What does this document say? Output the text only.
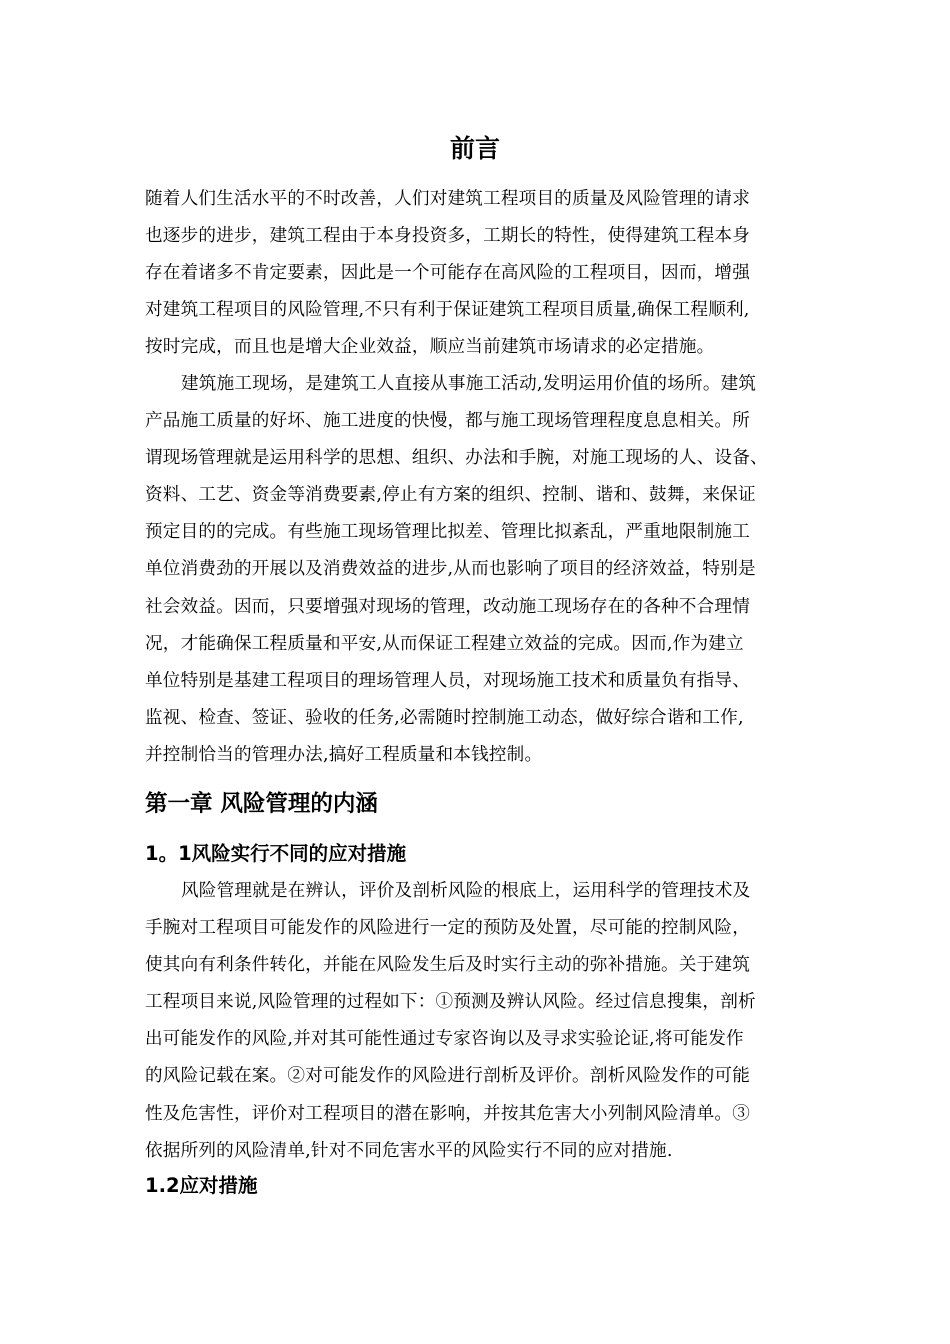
前言
随着人们生活水平的不时改善，人们对建筑工程项目的质量及风险管理的请求
也逐步的进步，建筑工程由于本身投资多，工期长的特性，使得建筑工程本身
存在着诸多不肯定要素，因此是一个可能存在高风险的工程项目，因而，增强
对建筑工程项目的风险管理,不只有利于保证建筑工程项目质量,确保工程顺利,
按时完成，而且也是增大企业效益，顺应当前建筑市场请求的必定措施。
建筑施工现场，是建筑工人直接从事施工活动,发明运用价值的场所。建筑
产品施工质量的好坏、施工进度的快慢，都与施工现场管理程度息息相关。所
谓现场管理就是运用科学的思想、组织、办法和手腕，对施工现场的人、设备、
资料、工艺、资金等消费要素,停止有方案的组织、控制、谐和、鼓舞，来保证
预定目的的完成。有些施工现场管理比拟差、管理比拟紊乱，严重地限制施工
单位消费劲的开展以及消费效益的进步,从而也影响了项目的经济效益，特别是
社会效益。因而，只要增强对现场的管理，改动施工现场存在的各种不合理情
况，才能确保工程质量和平安,从而保证工程建立效益的完成。因而,作为建立
单位特别是基建工程项目的理场管理人员，对现场施工技术和质量负有指导、
监视、检查、签证、验收的任务,必需随时控制施工动态，做好综合谐和工作,
并控制恰当的管理办法,搞好工程质量和本钱控制。
第一章 风险管理的内涵
1。1风险实行不同的应对措施
风险管理就是在辨认，评价及剖析风险的根底上，运用科学的管理技术及
手腕对工程项目可能发作的风险进行一定的预防及处置，尽可能的控制风险，
使其向有利条件转化，并能在风险发生后及时实行主动的弥补措施。关于建筑
工程项目来说,风险管理的过程如下：①预测及辨认风险。经过信息搜集，剖析
出可能发作的风险,并对其可能性通过专家咨询以及寻求实验论证,将可能发作
的风险记载在案。②对可能发作的风险进行剖析及评价。剖析风险发作的可能
性及危害性，评价对工程项目的潜在影响，并按其危害大小列制风险清单。③
依据所列的风险清单,针对不同危害水平的风险实行不同的应对措施.
1.2应对措施
